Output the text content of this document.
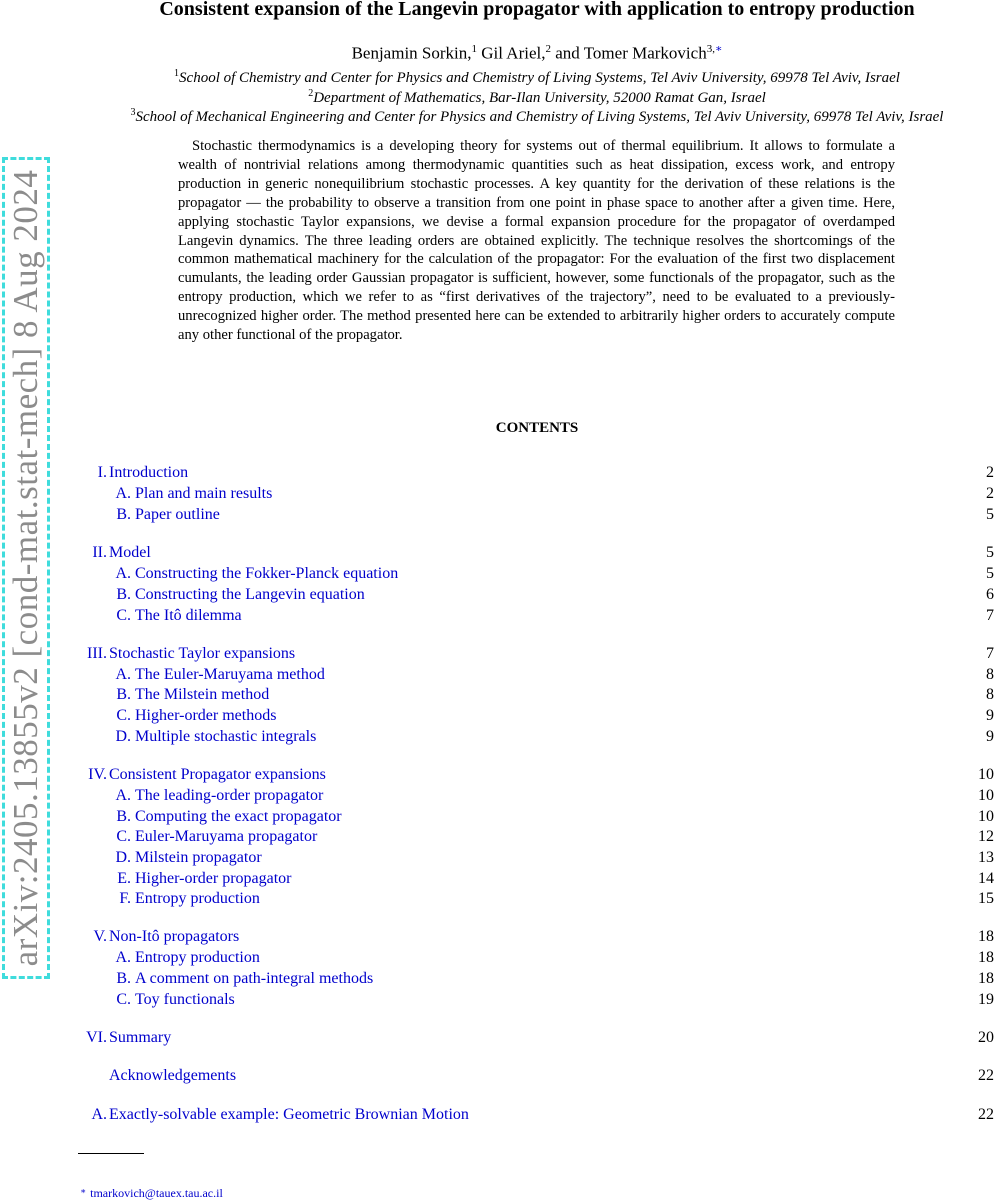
arXiv:2405.13855v2 [cond-mat.stat-mech] 8 Aug 2024
Consistent expansion of the Langevin propagator with application to entropy production
Benjamin Sorkin,$^1$ Gil Ariel,$^2$ and Tomer Markovich$^{3,∗}$
$^1$School of Chemistry and Center for Physics and Chemistry of Living Systems, Tel Aviv University, 69978 Tel Aviv, Israel
$^2$Department of Mathematics, Bar-Ilan University, 52000 Ramat Gan, Israel
$^3$School of Mechanical Engineering and Center for Physics and Chemistry of Living Systems, Tel Aviv University, 69978 Tel Aviv, Israel
Stochastic thermodynamics is a developing theory for systems out of thermal equilibrium. It allows to formulate a wealth of nontrivial relations among thermodynamic quantities such as heat dissipation, excess work, and entropy production in generic nonequilibrium stochastic processes. A key quantity for the derivation of these relations is the propagator — the probability to observe a transition from one point in phase space to another after a given time. Here, applying stochastic Taylor expansions, we devise a formal expansion procedure for the propagator of overdamped Langevin dynamics. The three leading orders are obtained explicitly. The technique resolves the shortcomings of the common mathematical machinery for the calculation of the propagator: For the evaluation of the first two displacement cumulants, the leading order Gaussian propagator is sufficient, however, some functionals of the propagator, such as the entropy production, which we refer to as “first derivatives of the trajectory”, need to be evaluated to a previously-unrecognized higher order. The method presented here can be extended to arbitrarily higher orders to accurately compute any other functional of the propagator.
CONTENTS
I. Introduction	2
A. Plan and main results	2
B. Paper outline	5
II. Model	5
A. Constructing the Fokker-Planck equation	5
B. Constructing the Langevin equation	6
C. The Itô dilemma	7
III. Stochastic Taylor expansions	7
A. The Euler-Maruyama method	8
B. The Milstein method	8
C. Higher-order methods	9
D. Multiple stochastic integrals	9
IV. Consistent Propagator expansions	10
A. The leading-order propagator	10
B. Computing the exact propagator	10
C. Euler-Maruyama propagator	12
D. Milstein propagator	13
E. Higher-order propagator	14
F. Entropy production	15
V. Non-Itô propagators	18
A. Entropy production	18
B. A comment on path-integral methods	18
C. Toy functionals	19
VI. Summary	20
Acknowledgements	22
A. Exactly-solvable example: Geometric Brownian Motion	22
∗ tmarkovich@tauex.tau.ac.il
